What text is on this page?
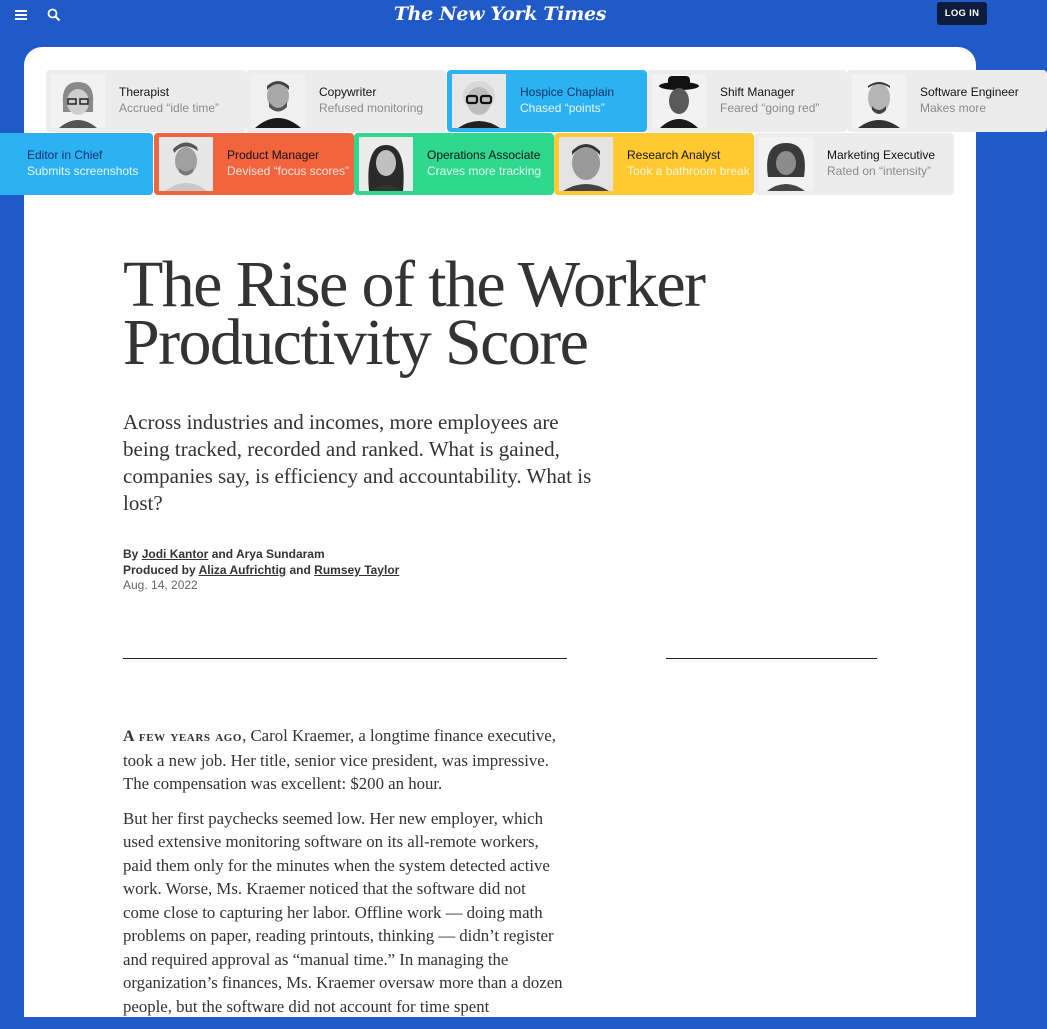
The New York Times	LOG IN
Therapist
Accrued “idle time”
Copywriter
Refused monitoring
Hospice Chaplain
Chased “points”
Shift Manager
Feared “going red”
Software Engineer
Makes more
Editor in Chief
Submits screenshots
Product Manager
Devised “focus scores”
Operations Associate
Craves more tracking
Research Analyst
Took a bathroom break
Marketing Executive
Rated on “intensity”
The Rise of the Worker
Productivity Score

Across industries and incomes, more employees are being tracked, recorded and ranked. What is gained, companies say, is efficiency and accountability. What is lost?

By Jodi Kantor and Arya Sundaram
Produced by Aliza Aufrichtig and Rumsey Taylor
Aug. 14, 2022

A few years ago, Carol Kraemer, a longtime finance executive, took a new job. Her title, senior vice president, was impressive. The compensation was excellent: $200 an hour.

But her first paychecks seemed low. Her new employer, which used extensive monitoring software on its all-remote workers, paid them only for the minutes when the system detected active work. Worse, Ms. Kraemer noticed that the software did not come close to capturing her labor. Offline work — doing math problems on paper, reading printouts, thinking — didn’t register and required approval as “manual time.” In managing the organization’s finances, Ms. Kraemer oversaw more than a dozen people, but the software did not account for time spent
